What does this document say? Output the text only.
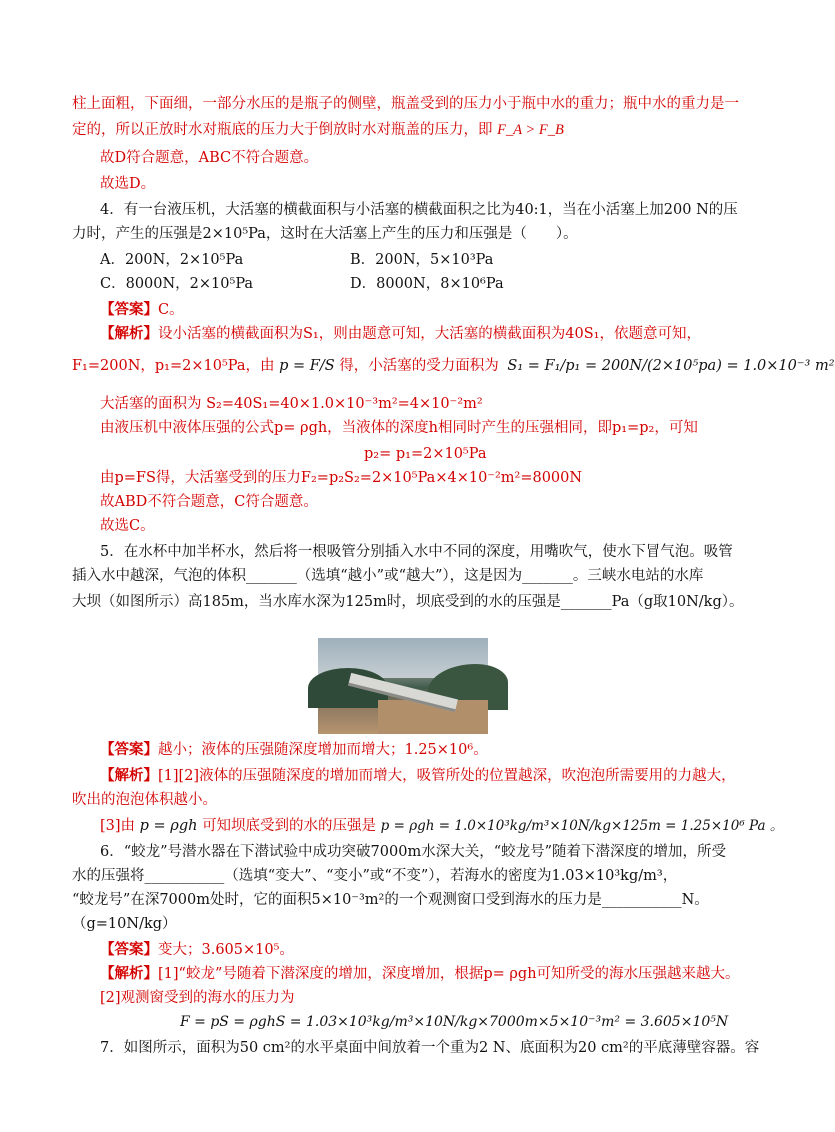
柱上面粗，下面细，一部分水压的是瓶子的侧壁，瓶盖受到的压力小于瓶中水的重力；瓶中水的重力是一
定的，所以正放时水对瓶底的压力大于倒放时水对瓶盖的压力，即 F_A > F_B
故D符合题意，ABC不符合题意。
故选D。
4．有一台液压机，大活塞的横截面积与小活塞的横截面积之比为40:1，当在小活塞上加200 N的压
力时，产生的压强是2×10⁵Pa，这时在大活塞上产生的压力和压强是（　　）。
A．200N，2×10⁵Pa	B．200N，5×10³Pa
C．8000N，2×10⁵Pa	D．8000N，8×10⁶Pa
【答案】C。
【解析】设小活塞的横截面积为S₁，则由题意可知，大活塞的横截面积为40S₁，依题意可知，
F₁=200N，p₁=2×10⁵Pa，由 p = F/S 得，小活塞的受力面积为 S₁ = F₁/p₁ = 200N/(2×10⁵pa) = 1.0×10⁻³ m²
大活塞的面积为 S₂=40S₁=40×1.0×10⁻³m²=4×10⁻²m²
由液压机中液体压强的公式p= ρgh，当液体的深度h相同时产生的压强相同，即p₁=p₂，可知
p₂= p₁=2×10⁵Pa
由p=FS得，大活塞受到的压力F₂=p₂S₂=2×10⁵Pa×4×10⁻²m²=8000N
故ABD不符合题意，C符合题意。
故选C。
5．在水杯中加半杯水，然后将一根吸管分别插入水中不同的深度，用嘴吹气，使水下冒气泡。吸管
插入水中越深，气泡的体积_______（选填“越小”或“越大”），这是因为_______。三峡水电站的水库
大坝（如图所示）高185m，当水库水深为125m时，坝底受到的水的压强是_______Pa（g取10N/kg）。
【答案】越小；液体的压强随深度增加而增大；1.25×10⁶。
【解析】[1][2]液体的压强随深度的增加而增大，吸管所处的位置越深，吹泡泡所需要用的力越大，
吹出的泡泡体积越小。
[3]由 p = ρgh 可知坝底受到的水的压强是 p = ρgh = 1.0×10³kg/m³×10N/kg×125m = 1.25×10⁶ Pa 。
6．“蛟龙”号潜水器在下潜试验中成功突破7000m水深大关，“蛟龙号”随着下潜深度的增加，所受
水的压强将___________（选填“变大”、“变小”或“不变”），若海水的密度为1.03×10³kg/m³，
“蛟龙号”在深7000m处时，它的面积5×10⁻³m²的一个观测窗口受到海水的压力是___________N。
（g=10N/kg）
【答案】变大；3.605×10⁵。
【解析】[1]“蛟龙”号随着下潜深度的增加，深度增加，根据p= ρgh可知所受的海水压强越来越大。
[2]观测窗受到的海水的压力为
F = pS = ρghS = 1.03×10³kg/m³×10N/kg×7000m×5×10⁻³m² = 3.605×10⁵N
7．如图所示，面积为50 cm²的水平桌面中间放着一个重为2 N、底面积为20 cm²的平底薄壁容器。容
